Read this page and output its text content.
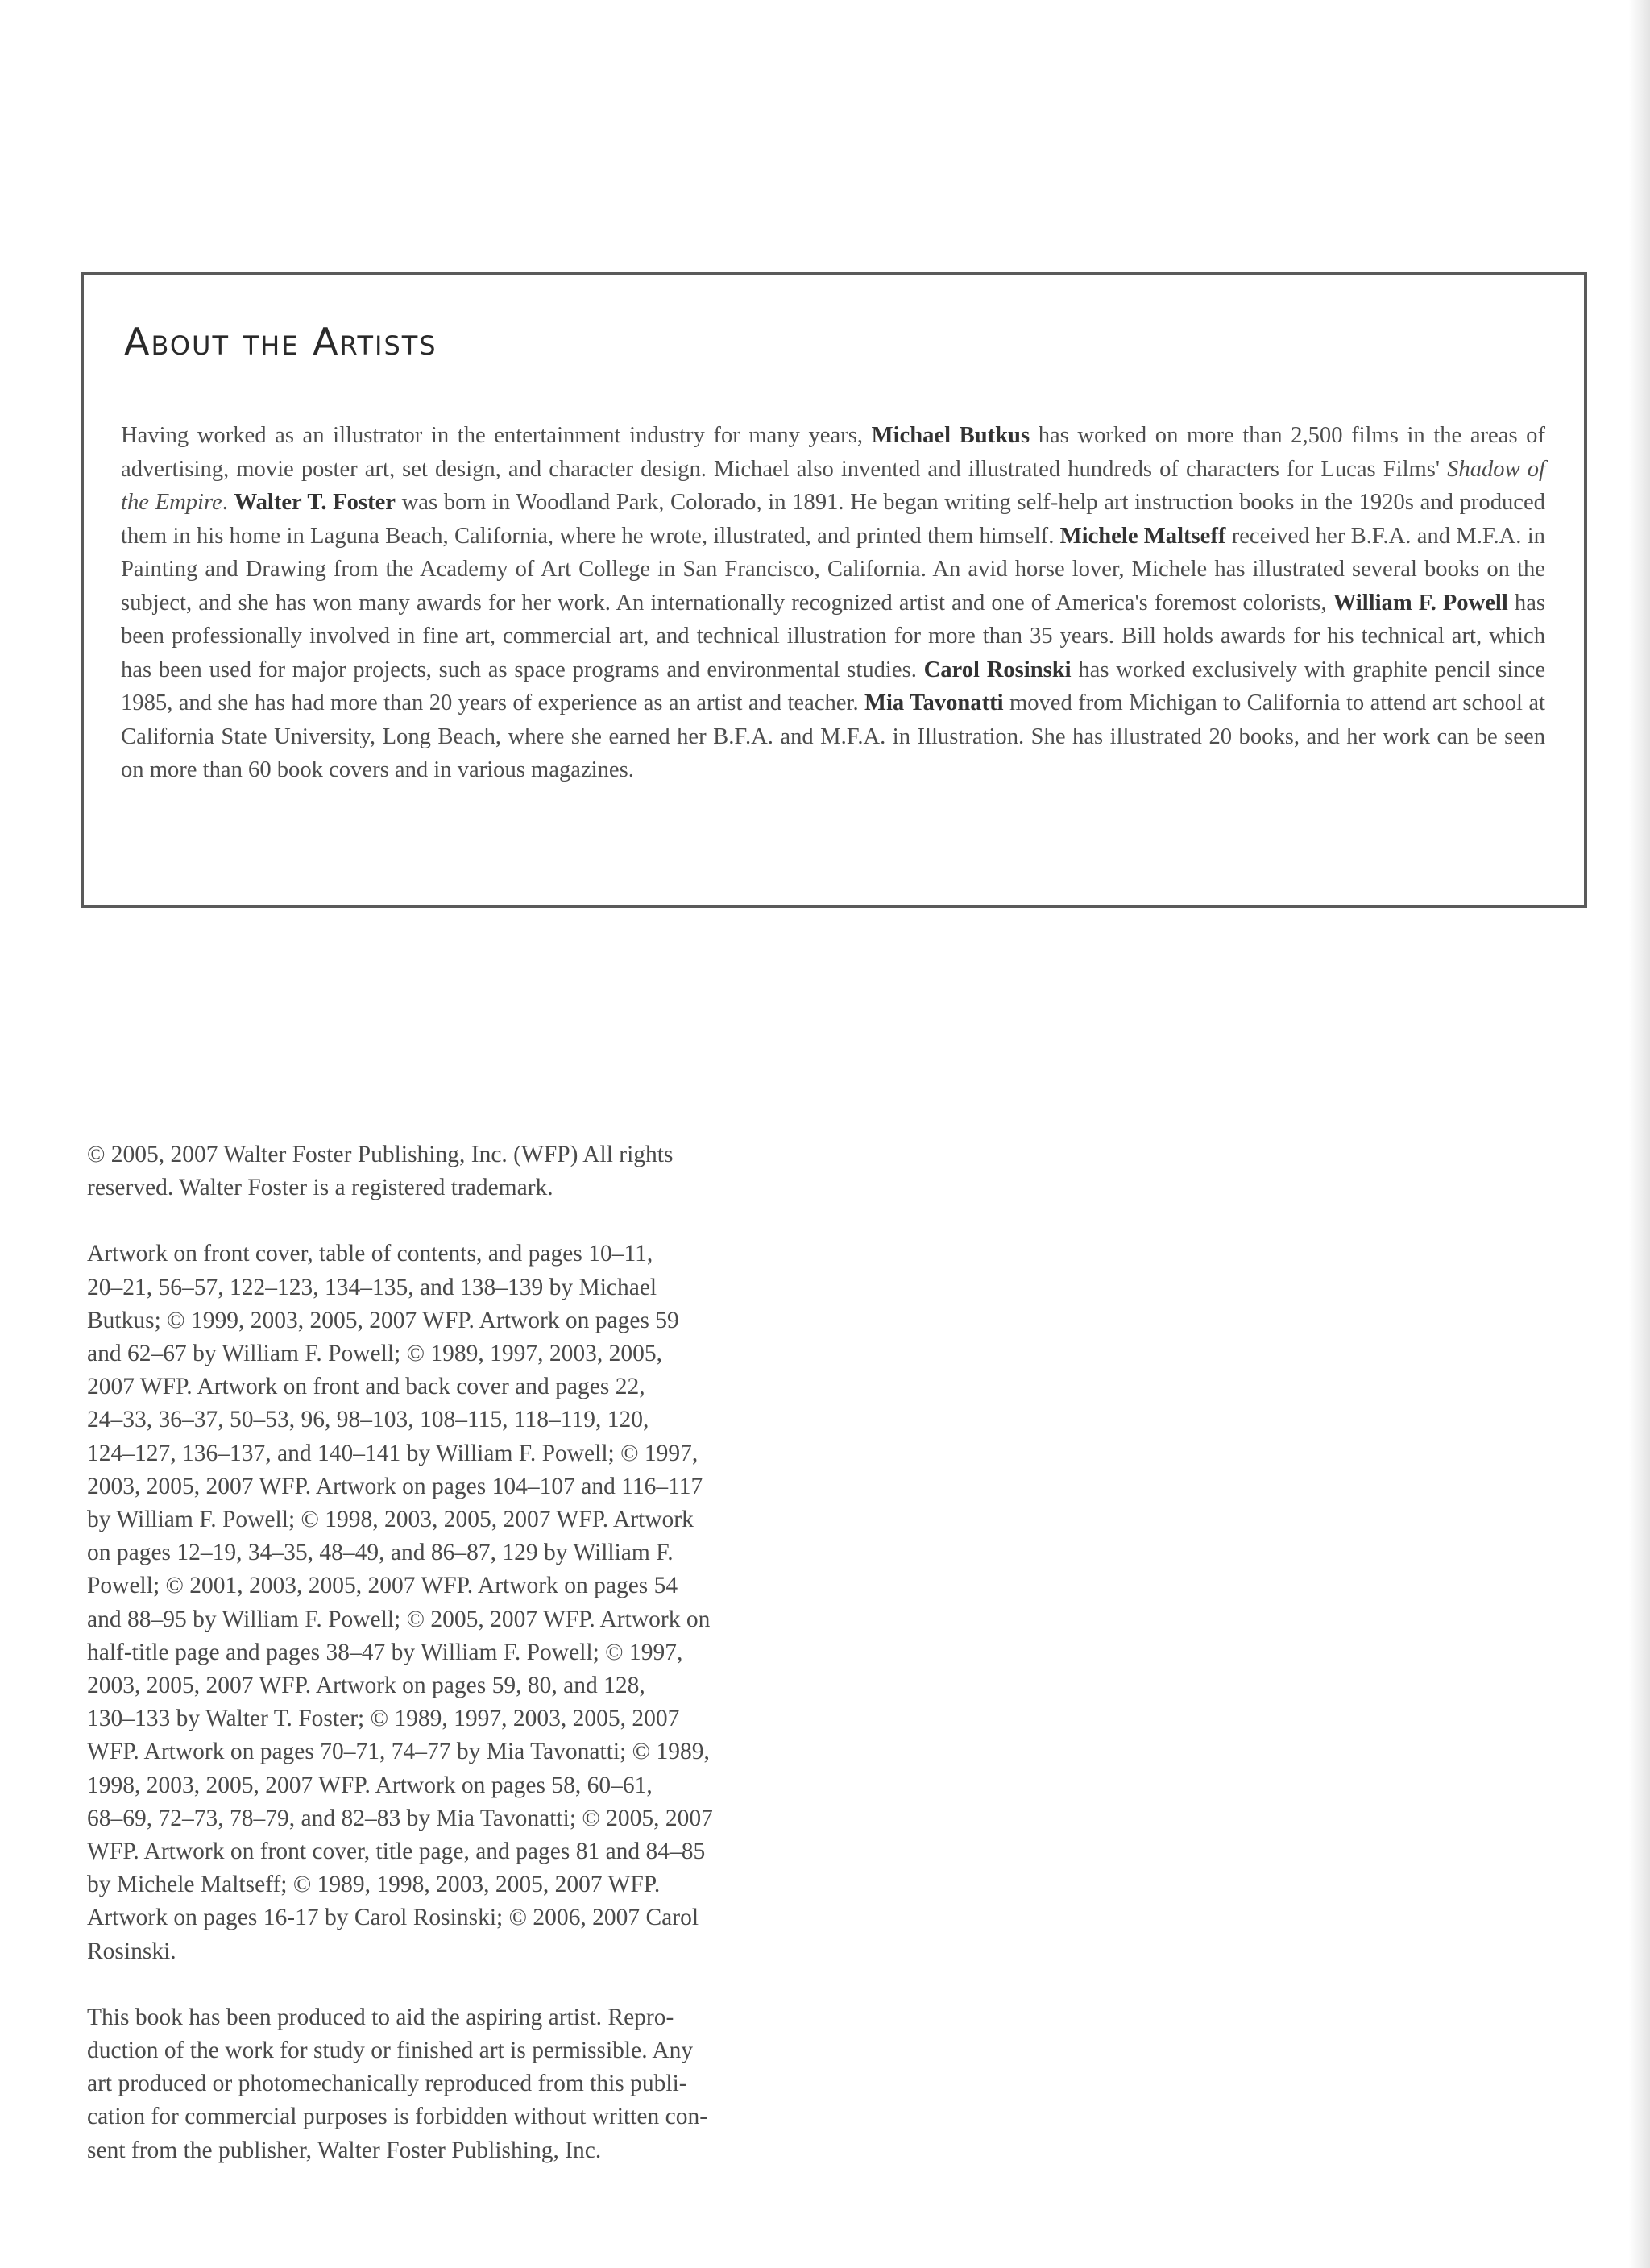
About the Artists

Having worked as an illustrator in the entertainment industry for many years, Michael Butkus has worked on more than 2,500 films in the areas of advertising, movie poster art, set design, and character design. Michael also invented and illustrated hundreds of characters for Lucas Films' Shadow of the Empire. Walter T. Foster was born in Woodland Park, Colorado, in 1891. He began writing self-help art instruction books in the 1920s and produced them in his home in Laguna Beach, California, where he wrote, illustrated, and printed them himself. Michele Maltseff received her B.F.A. and M.F.A. in Painting and Drawing from the Academy of Art College in San Francisco, California. An avid horse lover, Michele has illustrated several books on the subject, and she has won many awards for her work. An internationally recognized artist and one of America's foremost colorists, William F. Powell has been professionally involved in fine art, commercial art, and technical illustration for more than 35 years. Bill holds awards for his technical art, which has been used for major projects, such as space programs and environmental studies. Carol Rosinski has worked exclusively with graphite pencil since 1985, and she has had more than 20 years of experience as an artist and teacher. Mia Tavonatti moved from Michigan to California to attend art school at California State University, Long Beach, where she earned her B.F.A. and M.F.A. in Illustration. She has illustrated 20 books, and her work can be seen on more than 60 book covers and in various magazines.

© 2005, 2007 Walter Foster Publishing, Inc. (WFP) All rights

reserved. Walter Foster is a registered trademark.

Artwork on front cover, table of contents, and pages 10–11,

20–21, 56–57, 122–123, 134–135, and 138–139 by Michael

Butkus; © 1999, 2003, 2005, 2007 WFP. Artwork on pages 59

and 62–67 by William F. Powell; © 1989, 1997, 2003, 2005,

2007 WFP. Artwork on front and back cover and pages 22,

24–33, 36–37, 50–53, 96, 98–103, 108–115, 118–119, 120,

124–127, 136–137, and 140–141 by William F. Powell; © 1997,

2003, 2005, 2007 WFP. Artwork on pages 104–107 and 116–117

by William F. Powell; © 1998, 2003, 2005, 2007 WFP. Artwork

on pages 12–19, 34–35, 48–49, and 86–87, 129 by William F.

Powell; © 2001, 2003, 2005, 2007 WFP. Artwork on pages 54

and 88–95 by William F. Powell; © 2005, 2007 WFP. Artwork on

half-title page and pages 38–47 by William F. Powell; © 1997,

2003, 2005, 2007 WFP. Artwork on pages 59, 80, and 128,

130–133 by Walter T. Foster; © 1989, 1997, 2003, 2005, 2007

WFP. Artwork on pages 70–71, 74–77 by Mia Tavonatti; © 1989,

1998, 2003, 2005, 2007 WFP. Artwork on pages 58, 60–61,

68–69, 72–73, 78–79, and 82–83 by Mia Tavonatti; © 2005, 2007

WFP. Artwork on front cover, title page, and pages 81 and 84–85

by Michele Maltseff; © 1989, 1998, 2003, 2005, 2007 WFP.

Artwork on pages 16-17 by Carol Rosinski; © 2006, 2007 Carol

Rosinski.

This book has been produced to aid the aspiring artist. Repro-

duction of the work for study or finished art is permissible. Any

art produced or photomechanically reproduced from this publi-

cation for commercial purposes is forbidden without written con-

sent from the publisher, Walter Foster Publishing, Inc.
